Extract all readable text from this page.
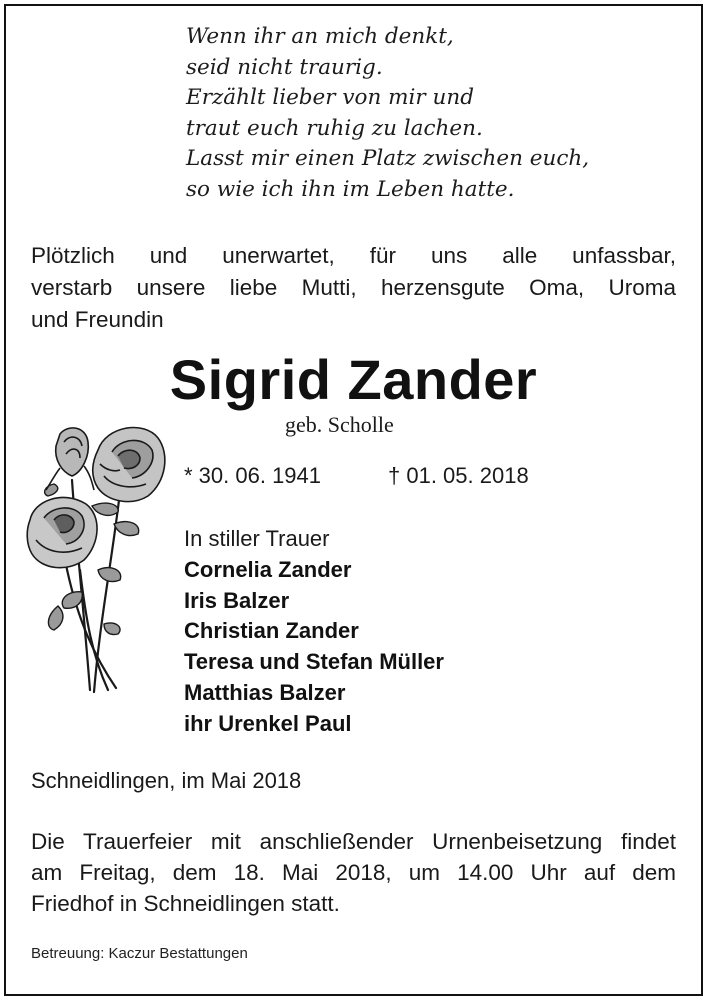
Wenn ihr an mich denkt,
seid nicht traurig.
Erzählt lieber von mir und
traut euch ruhig zu lachen.
Lasst mir einen Platz zwischen euch,
so wie ich ihn im Leben hatte.
Plötzlich und unerwartet, für uns alle unfassbar,
verstarb unsere liebe Mutti, herzensgute Oma, Uroma
und Freundin
Sigrid Zander
geb. Scholle
* 30. 06. 1941	† 01. 05. 2018
In stiller Trauer
Cornelia Zander
Iris Balzer
Christian Zander
Teresa und Stefan Müller
Matthias Balzer
ihr Urenkel Paul
Schneidlingen, im Mai 2018
Die Trauerfeier mit anschließender Urnenbeisetzung findet
am Freitag, dem 18. Mai 2018, um 14.00 Uhr auf dem
Friedhof in Schneidlingen statt.
Betreuung: Kaczur Bestattungen
